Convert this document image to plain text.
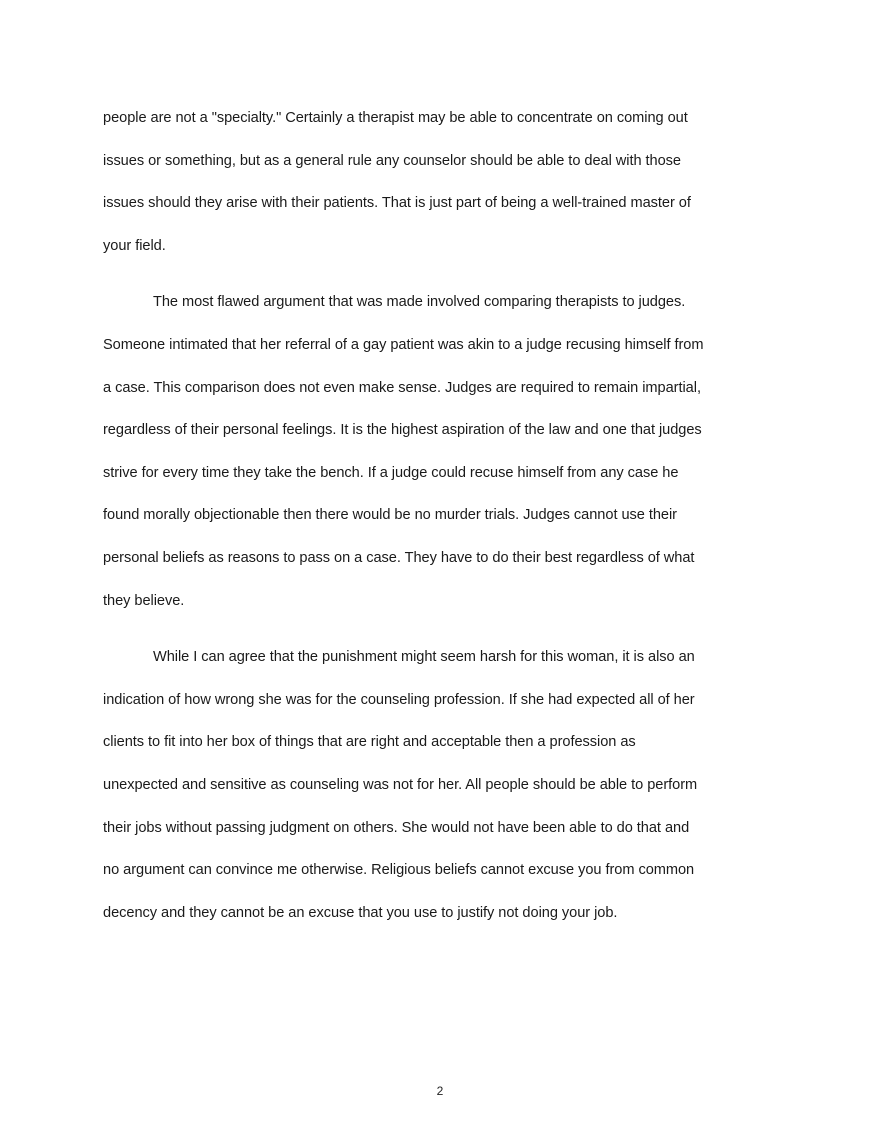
people are not a "specialty." Certainly a therapist may be able to concentrate on coming out
issues or something, but as a general rule any counselor should be able to deal with those
issues should they arise with their patients. That is just part of being a well-trained master of
your field.
The most flawed argument that was made involved comparing therapists to judges.
Someone intimated that her referral of a gay patient was akin to a judge recusing himself from
a case. This comparison does not even make sense. Judges are required to remain impartial,
regardless of their personal feelings. It is the highest aspiration of the law and one that judges
strive for every time they take the bench. If a judge could recuse himself from any case he
found morally objectionable then there would be no murder trials. Judges cannot use their
personal beliefs as reasons to pass on a case. They have to do their best regardless of what
they believe.
While I can agree that the punishment might seem harsh for this woman, it is also an
indication of how wrong she was for the counseling profession. If she had expected all of her
clients to fit into her box of things that are right and acceptable then a profession as
unexpected and sensitive as counseling was not for her. All people should be able to perform
their jobs without passing judgment on others. She would not have been able to do that and
no argument can convince me otherwise. Religious beliefs cannot excuse you from common
decency and they cannot be an excuse that you use to justify not doing your job.
2
